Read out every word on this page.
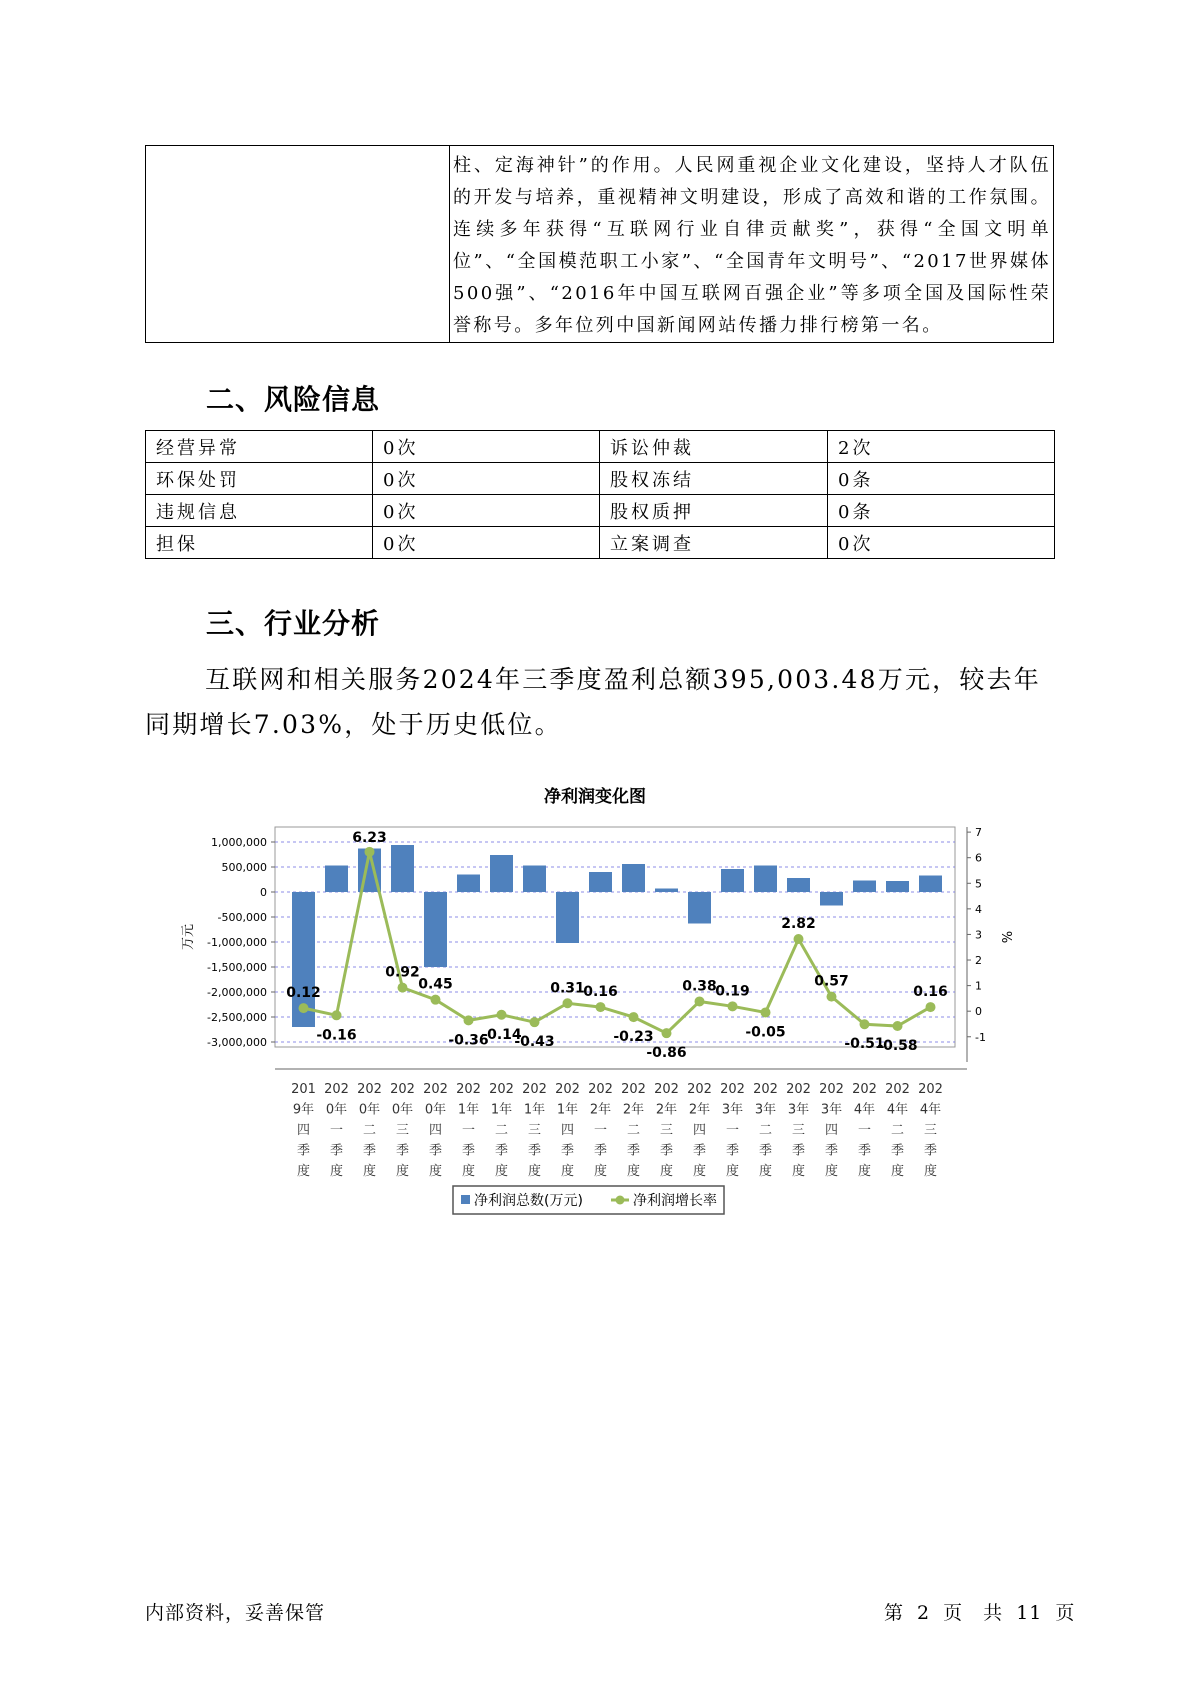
	柱、定海神针”的作用。人民网重视企业文化建设，坚持人才队伍的开发与培养，重视精神文明建设，形成了高效和谐的工作氛围。连续多年获得“互联网行业自律贡献奖”，获得“全国文明单位”、“全国模范职工小家”、“全国青年文明号”、“2017世界媒体500强”、“2016年中国互联网百强企业”等多项全国及国际性荣誉称号。多年位列中国新闻网站传播力排行榜第一名。
二、风险信息
经营异常	0次	诉讼仲裁	2次
环保处罚	0次	股权冻结	0条
违规信息	0次	股权质押	0条
担保	0次	立案调查	0次
三、行业分析

互联网和相关服务2024年三季度盈利总额395,003.48万元，较去年同期增长7.03%，处于历史低位。

净利润变化图
1,000,000
500,000
0
-500,000
-1,000,000
-1,500,000
-2,000,000
-2,500,000
-3,000,000
7
6
5
4
3
2
1
0
-1
万元	%
0.12
-0.16
6.23
0.92
0.45
-0.36
-0.14
-0.43
0.31
0.16
-0.23
-0.86
0.38
0.19
-0.05
2.82
0.57
-0.51
-0.58
0.16
201
9年
四
季
度
202
0年
一
季
度
202
0年
二
季
度
202
0年
三
季
度
202
0年
四
季
度
202
1年
一
季
度
202
1年
二
季
度
202
1年
三
季
度
202
1年
四
季
度
202
2年
一
季
度
202
2年
二
季
度
202
2年
三
季
度
202
2年
四
季
度
202
3年
一
季
度
202
3年
二
季
度
202
3年
三
季
度
202
3年
四
季
度
202
4年
一
季
度
202
4年
二
季
度
202
4年
三
季
度
净利润总数(万元)	净利润增长率

内部资料，妥善保管	第 2 页　共 11 页
